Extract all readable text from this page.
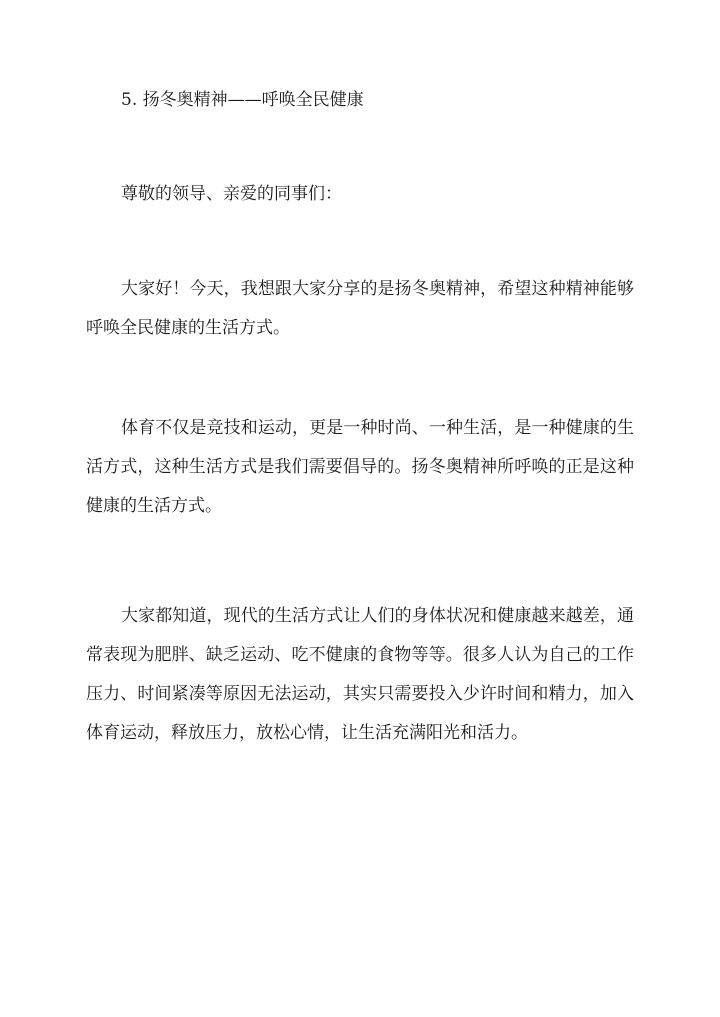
5. 扬冬奥精神——呼唤全民健康
尊敬的领导、亲爱的同事们：

大家好！今天，我想跟大家分享的是扬冬奥精神，希望这种精神能够呼唤全民健康的生活方式。

体育不仅是竞技和运动，更是一种时尚、一种生活，是一种健康的生活方式，这种生活方式是我们需要倡导的。扬冬奥精神所呼唤的正是这种健康的生活方式。

大家都知道，现代的生活方式让人们的身体状况和健康越来越差，通常表现为肥胖、缺乏运动、吃不健康的食物等等。很多人认为自己的工作压力、时间紧凑等原因无法运动，其实只需要投入少许时间和精力，加入体育运动，释放压力，放松心情，让生活充满阳光和活力。
